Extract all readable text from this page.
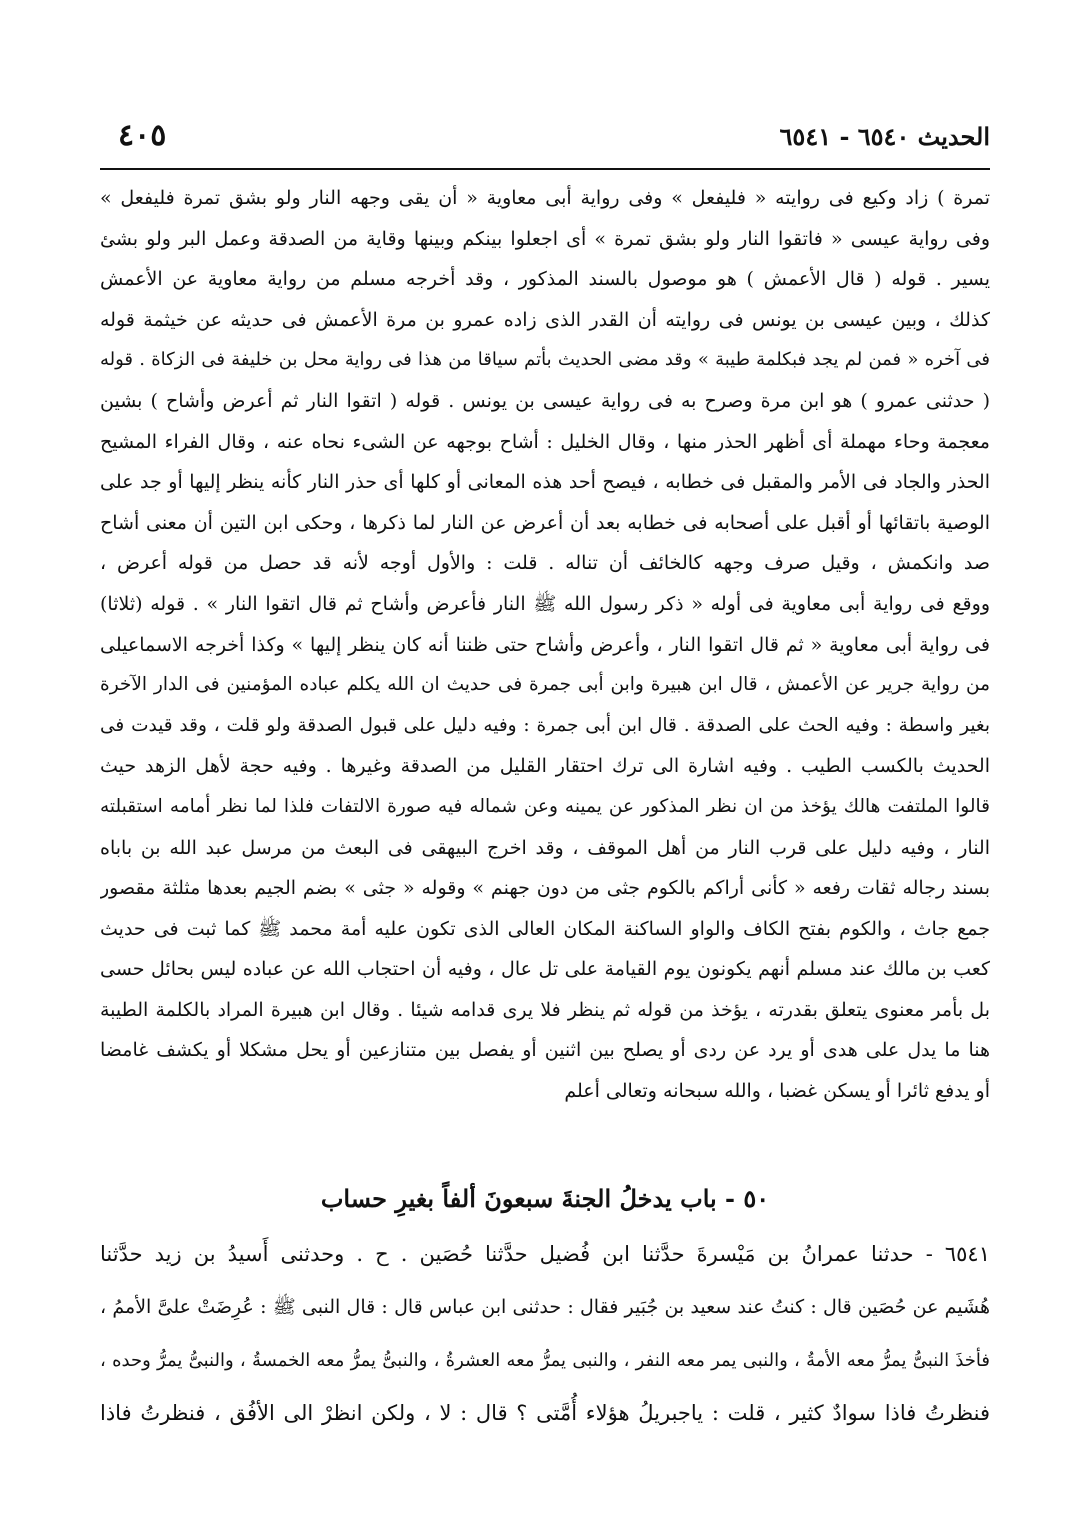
الحديث ٦٥٤٠ - ٦٥٤١
٤٠٥
تمرة ) زاد وكيع فى روايته « فليفعل » وفى رواية أبى معاوية « أن يقى وجهه النار ولو بشق تمرة فليفعل »
وفى رواية عيسى « فاتقوا النار ولو بشق تمرة » أى اجعلوا بينكم وبينها وقاية من الصدقة وعمل البر ولو بشئ
يسير . قوله ( قال الأعمش ) هو موصول بالسند المذكور ، وقد أخرجه مسلم من رواية معاوية عن الأعمش
كذلك ، وبين عيسى بن يونس فى روايته أن القدر الذى زاده عمرو بن مرة الأعمش فى حديثه عن خيثمة قوله
فى آخره « فمن لم يجد فبكلمة طيبة » وقد مضى الحديث بأتم سياقا من هذا فى رواية محل بن خليفة فى الزكاة . قوله
( حدثنى عمرو ) هو ابن مرة وصرح به فى رواية عيسى بن يونس . قوله ( اتقوا النار ثم أعرض وأشاح ) بشين
معجمة وحاء مهملة أى أظهر الحذر منها ، وقال الخليل : أشاح بوجهه عن الشىء نحاه عنه ، وقال الفراء المشيح
الحذر والجاد فى الأمر والمقبل فى خطابه ، فيصح أحد هذه المعانى أو كلها أى حذر النار كأنه ينظر إليها أو جد على
الوصية باتقائها أو أقبل على أصحابه فى خطابه بعد أن أعرض عن النار لما ذكرها ، وحكى ابن التين أن معنى أشاح
صد وانكمش ، وقيل صرف وجهه كالخائف أن تناله . قلت : والأول أوجه لأنه قد حصل من قوله أعرض ،
ووقع فى رواية أبى معاوية فى أوله « ذكر رسول الله ﷺ النار فأعرض وأشاح ثم قال اتقوا النار » . قوله (ثلاثا)
فى رواية أبى معاوية « ثم قال اتقوا النار ، وأعرض وأشاح حتى ظننا أنه كان ينظر إليها » وكذا أخرجه الاسماعيلى
من رواية جرير عن الأعمش ، قال ابن هبيرة وابن أبى جمرة فى حديث ان الله يكلم عباده المؤمنين فى الدار الآخرة
بغير واسطة : وفيه الحث على الصدقة . قال ابن أبى جمرة : وفيه دليل على قبول الصدقة ولو قلت ، وقد قيدت فى
الحديث بالكسب الطيب . وفيه اشارة الى ترك احتقار القليل من الصدقة وغيرها . وفيه حجة لأهل الزهد حيث
قالوا الملتفت هالك يؤخذ من ان نظر المذكور عن يمينه وعن شماله فيه صورة الالتفات فلذا لما نظر أمامه استقبلته
النار ، وفيه دليل على قرب النار من أهل الموقف ، وقد اخرج البيهقى فى البعث من مرسل عبد الله بن باباه
بسند رجاله ثقات رفعه « كأنى أراكم بالكوم جثى من دون جهنم » وقوله « جثى » بضم الجيم بعدها مثلثة مقصور
جمع جاث ، والكوم بفتح الكاف والواو الساكنة المكان العالى الذى تكون عليه أمة محمد ﷺ كما ثبت فى حديث
كعب بن مالك عند مسلم أنهم يكونون يوم القيامة على تل عال ، وفيه أن احتجاب الله عن عباده ليس بحائل حسى
بل بأمر معنوى يتعلق بقدرته ، يؤخذ من قوله ثم ينظر فلا يرى قدامه شيئا . وقال ابن هبيرة المراد بالكلمة الطيبة
هنا ما يدل على هدى أو يرد عن ردى أو يصلح بين اثنين أو يفصل بين متنازعين أو يحل مشكلا أو يكشف غامضا
أو يدفع ثائرا أو يسكن غضبا ، والله سبحانه وتعالى أعلم
٥٠ - باب يدخلُ الجنةَ سبعونَ ألفاً بغيرِ حساب
٦٥٤١ - حدثنا عمرانُ بن مَيْسرةَ حدَّثنا ابن فُضيل حدَّثنا حُصَين . ح . وحدثنى أَسيدُ بن زيد حدَّثنا
هُشَيم عن حُصَين قال : كنتُ عند سعيد بن جُبَير فقال : حدثنى ابن عباس قال : قال النبى ﷺ : عُرِضَتْ علىَّ الأممُ ،
فأخذَ النبىُّ يمرُّ معه الأمةُ ، والنبى يمر معه النفر ، والنبى يمرُّ معه العشرةُ ، والنبىُّ يمرُّ معه الخمسةُ ، والنبىُّ يمرُّ وحده ،
فنظرتُ فاذا سوادٌ كثير ، قلت : ياجبريلُ هؤلاء أُمَّتى ؟ قال : لا ، ولكن انظرْ الى الأفُق ، فنظرتُ فاذا
